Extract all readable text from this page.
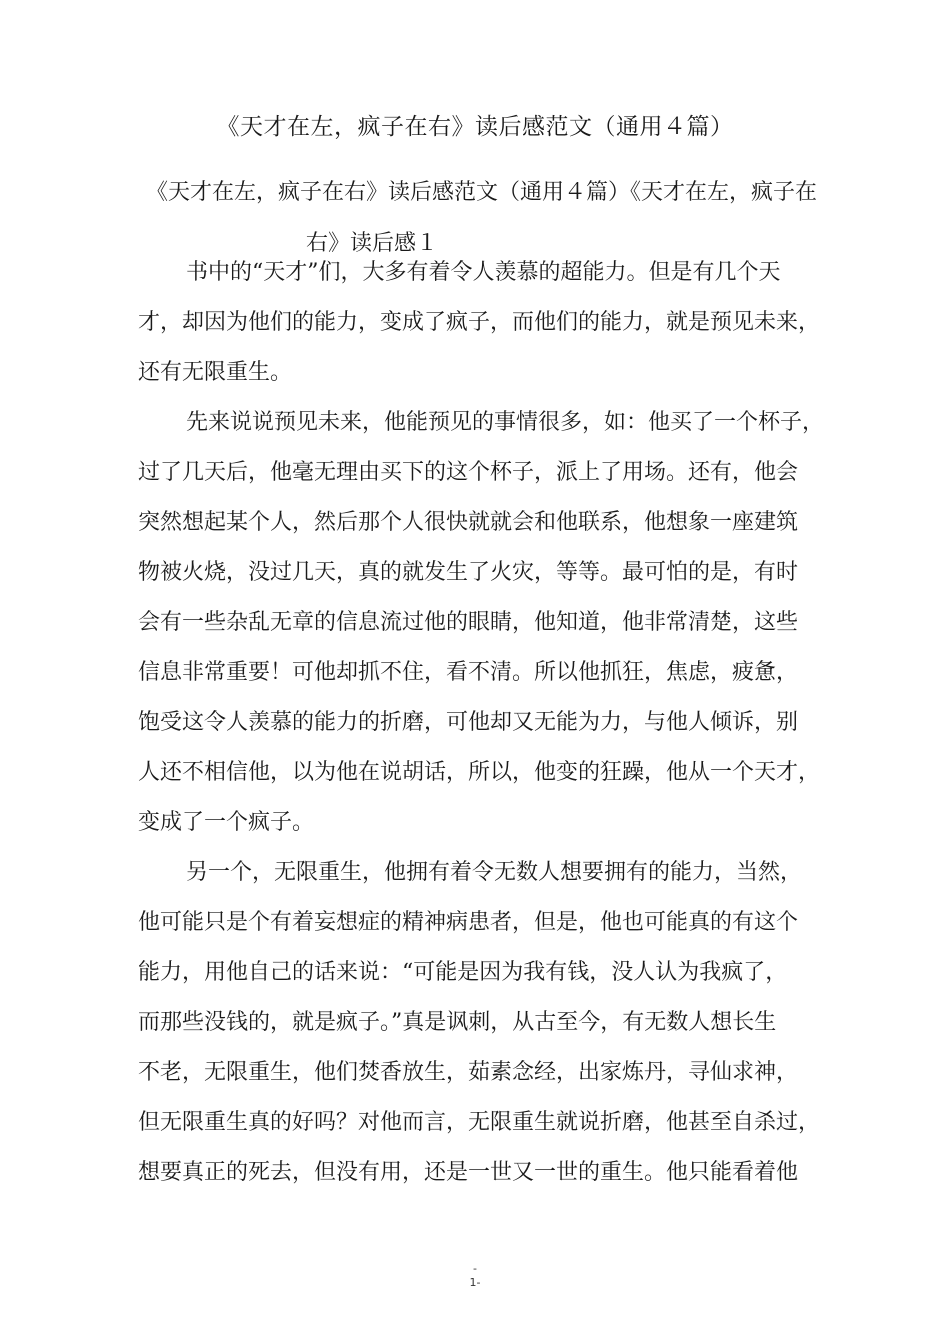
《天才在左，疯子在右》读后感范文（通用４篇）
《天才在左，疯子在右》读后感范文（通用４篇）《天才在左，疯子在
右》读后感１
书中的“天才”们，大多有着令人羡慕的超能力。但是有几个天
才，却因为他们的能力，变成了疯子，而他们的能力，就是预见未来，
还有无限重生。
先来说说预见未来，他能预见的事情很多，如：他买了一个杯子，
过了几天后，他毫无理由买下的这个杯子，派上了用场。还有，他会
突然想起某个人，然后那个人很快就就会和他联系，他想象一座建筑
物被火烧，没过几天，真的就发生了火灾，等等。最可怕的是，有时
会有一些杂乱无章的信息流过他的眼睛，他知道，他非常清楚，这些
信息非常重要！可他却抓不住，看不清。所以他抓狂，焦虑，疲惫，
饱受这令人羡慕的能力的折磨，可他却又无能为力，与他人倾诉，别
人还不相信他，以为他在说胡话，所以，他变的狂躁，他从一个天才，
变成了一个疯子。
另一个，无限重生，他拥有着令无数人想要拥有的能力，当然，
他可能只是个有着妄想症的精神病患者，但是，他也可能真的有这个
能力，用他自己的话来说：“可能是因为我有钱，没人认为我疯了，
而那些没钱的，就是疯子。”真是讽刺，从古至今，有无数人想长生
不老，无限重生，他们焚香放生，茹素念经，出家炼丹，寻仙求神，
但无限重生真的好吗？对他而言，无限重生就说折磨，他甚至自杀过，
想要真正的死去，但没有用，还是一世又一世的重生。他只能看着他
-
1-
